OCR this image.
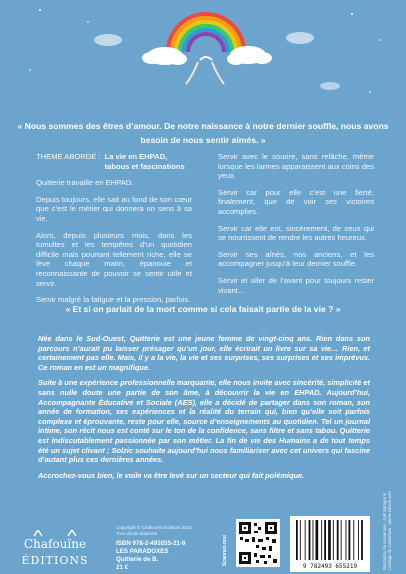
« Nous sommes des êtres d’amour. De notre naissance à notre dernier souffle, nous avons besoin de nous sentir aimés. »
THEME ABORDÉ : La vie en EHPAD, tabous et fascinations

Quitterie travaille en EHPAD.

Depuis toujours, elle sait au fond de son cœur que c’est le métier qui donnera un sens à sa vie.

Alors, depuis plusieurs mois, dans les tumultes et les tempêtes d’un quotidien difficile mais pourtant tellement riche, elle se lève chaque matin, épanouie et reconnaissante de pouvoir se sentir utile et servir.

Servir malgré la fatigue et la pression, parfois.

Servir avec le sourire, sans relâche, même lorsque les larmes apparaissent aux coins des yeux.

Servir car pour elle c’est une fierté, finalement, que de voir ses victoires accomplies.

Servir car elle est, sincèrement, de ceux qui se nourrissent de rendre les autres heureux.

Servir ses aînés, nos anciens, et les accompagner jusqu’à leur dernier souffle.

Servir et aller de l’avant pour toujours rester vivant…

« Et si on parlait de la mort comme si cela faisait partie de la vie ? »

Née dans le Sud-Ouest, Quitterie est une jeune femme de vingt-cinq ans. Rien dans son parcours n’aurait pu laisser présager qu’un jour, elle écrirait un livre sur sa vie… Rien, et certainement pas elle. Mais, il y a la vie, la vie et ses surprises, ses surprises et ses imprévus. Ce roman en est un magnifique.

Suite à une expérience professionnelle marquante, elle nous invite avec sincérité, simplicité et sans nulle doute une partie de son âme, à découvrir la vie en EHPAD. Aujourd’hui, Accompagnante Éducative et Sociale (AES), elle a décidé de partager dans son roman, son année de formation, ses expériences et la réalité du terrain qui, bien qu’elle soit parfois complexe et éprouvante, reste pour elle, source d’enseignements au quotidien. Tel un journal intime, son récit nous est conté sur le ton de la confidence, sans filtre et sans tabou. Quitterie est indiscutablement passionnée par son métier. La fin de vie des Humains a de tout temps été un sujet clivant ; Solzic souhaite aujourd’hui nous familiariser avec cet univers qui fascine d’autant plus ces dernières années.

Accrochez-vous bien, le voile va être levé sur un secteur qui fait polémique.

Chafouïne
ÉDITIONS
Copyright © Chafouïne Éditions 2023
Tous droits réservés
ISBN 978-2-493655-21-9
LES PARADOXES
Quitterie de B.
21 €
Scannez-moi
9 782493 655219	Illustration de couverture : Joël Baragré & Lettrage de couverture : pierre-edition.com
